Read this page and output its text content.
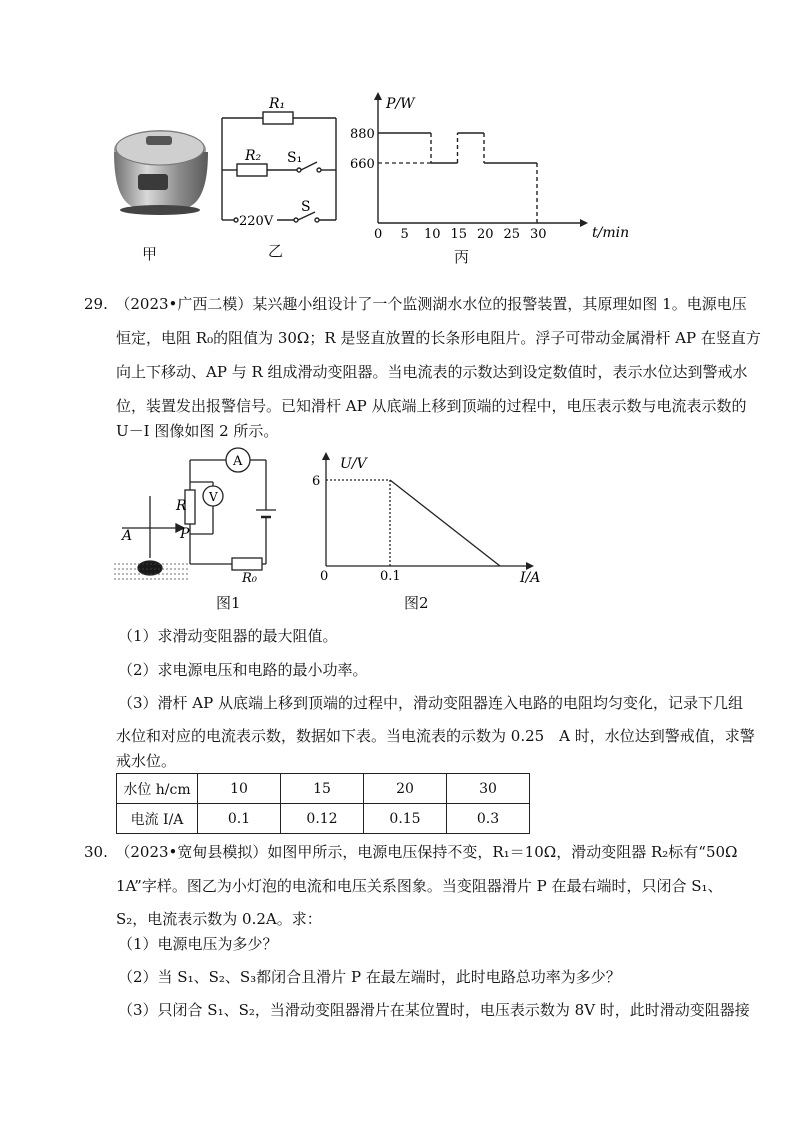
甲
R₁
R₂ S₁
S
220V
乙
880
660
0 5 10 15 20 25 30
P/W
t/min
丙
29.　（2023•广西二模）某兴趣小组设计了一个监测湖水水位的报警装置，其原理如图 1。电源电压
恒定，电阻 R₀的阻值为 30Ω；R 是竖直放置的长条形电阻片。浮子可带动金属滑杆 AP 在竖直方
向上下移动、AP 与 R 组成滑动变阻器。当电流表的示数达到设定数值时，表示水位达到警戒水
位，装置发出报警信号。已知滑杆 AP 从底端上移到顶端的过程中，电压表示数与电流表示数的
U－I 图像如图 2 所示。
A
V
R
P
A
R₀
图1
U/V
6
0	0.1	I/A
图2
（1）求滑动变阻器的最大阻值。
（2）求电源电压和电路的最小功率。
（3）滑杆 AP 从底端上移到顶端的过程中，滑动变阻器连入电路的电阻均匀变化，记录下几组
水位和对应的电流表示数，数据如下表。当电流表的示数为 0.25　A 时，水位达到警戒值，求警
戒水位。
水位 h/cm	10	15	20	30
电流 I/A	0.1	0.12	0.15	0.3
30.　（2023•宽甸县模拟）如图甲所示，电源电压保持不变，R₁＝10Ω，滑动变阻器 R₂标有“50Ω
1A”字样。图乙为小灯泡的电流和电压关系图象。当变阻器滑片 P 在最右端时，只闭合 S₁、
S₂，电流表示数为 0.2A。求：
（1）电源电压为多少？
（2）当 S₁、S₂、S₃都闭合且滑片 P 在最左端时，此时电路总功率为多少？
（3）只闭合 S₁、S₂，当滑动变阻器滑片在某位置时，电压表示数为 8V 时，此时滑动变阻器接
